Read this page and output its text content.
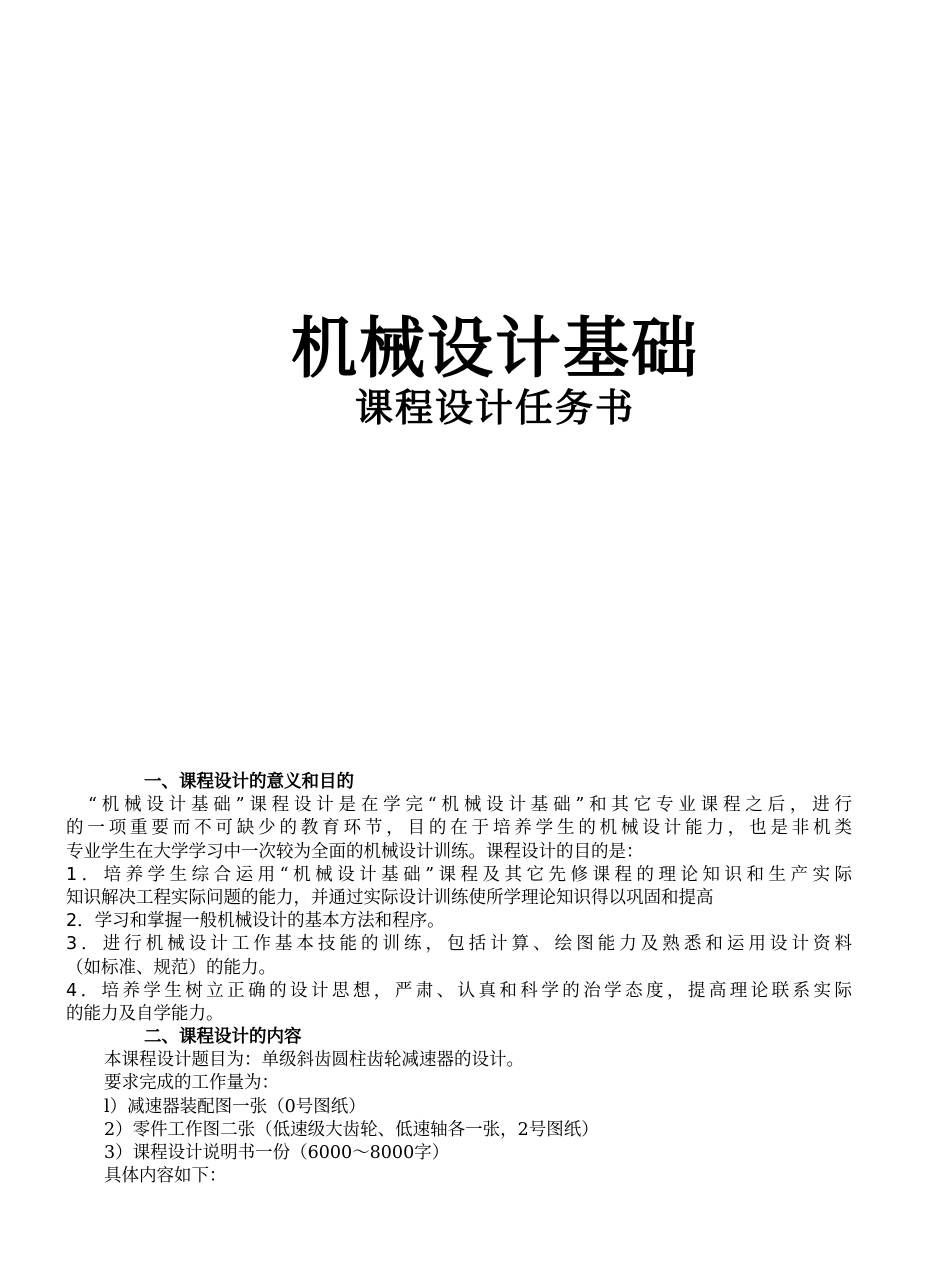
机械设计基础
课程设计任务书
一、课程设计的意义和目的
“机械设计基础”课程设计是在学完“机械设计基础”和其它专业课程之后，进行
的一项重要而不可缺少的教育环节，目的在于培养学生的机械设计能力，也是非机类
专业学生在大学学习中一次较为全面的机械设计训练。课程设计的目的是：
1．培养学生综合运用“机械设计基础”课程及其它先修课程的理论知识和生产实际
知识解决工程实际问题的能力，并通过实际设计训练使所学理论知识得以巩固和提高
2．学习和掌握一般机械设计的基本方法和程序。
3．进行机械设计工作基本技能的训练，包括计算、绘图能力及熟悉和运用设计资料
（如标准、规范）的能力。
4．培养学生树立正确的设计思想，严肃、认真和科学的治学态度，提高理论联系实际
的能力及自学能力。
二、课程设计的内容
本课程设计题目为：单级斜齿圆柱齿轮减速器的设计。
要求完成的工作量为：
l）减速器装配图一张（0号图纸）
2）零件工作图二张（低速级大齿轮、低速轴各一张，2号图纸）
3）课程设计说明书一份（6000～8000字）
具体内容如下：
